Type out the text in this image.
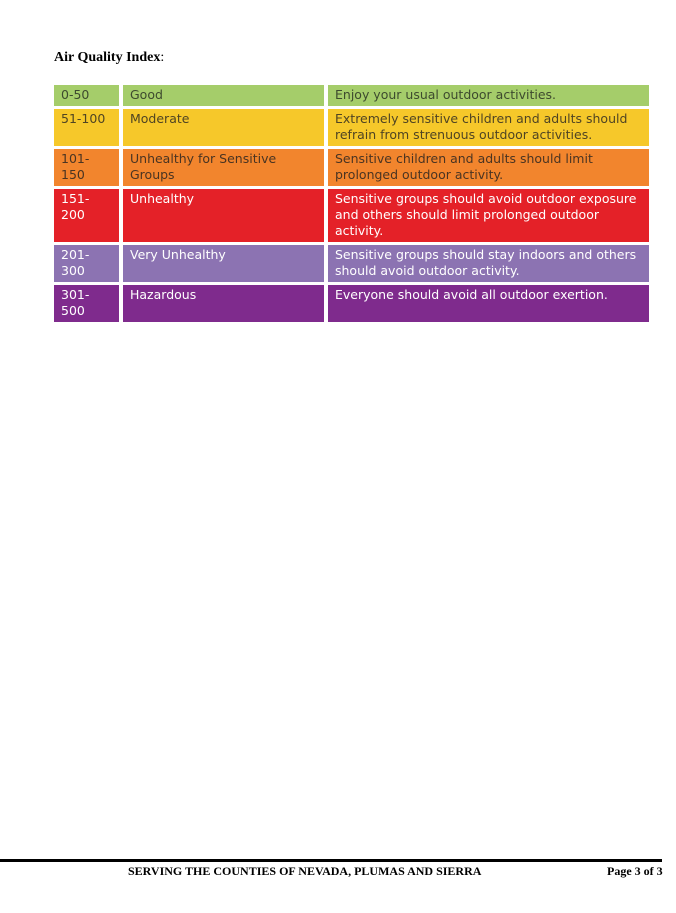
Air Quality Index:
0-50	Good	Enjoy your usual outdoor activities.
51-100	Moderate	Extremely sensitive children and adults should refrain from strenuous outdoor activities.
101-150	Unhealthy for Sensitive Groups	Sensitive children and adults should limit prolonged outdoor activity.
151-200	Unhealthy	Sensitive groups should avoid outdoor exposure and others should limit prolonged outdoor activity.
201-300	Very Unhealthy	Sensitive groups should stay indoors and others should avoid outdoor activity.
301-500	Hazardous	Everyone should avoid all outdoor exertion.
SERVING THE COUNTIES OF NEVADA, PLUMAS AND SIERRA	Page 3 of 3
